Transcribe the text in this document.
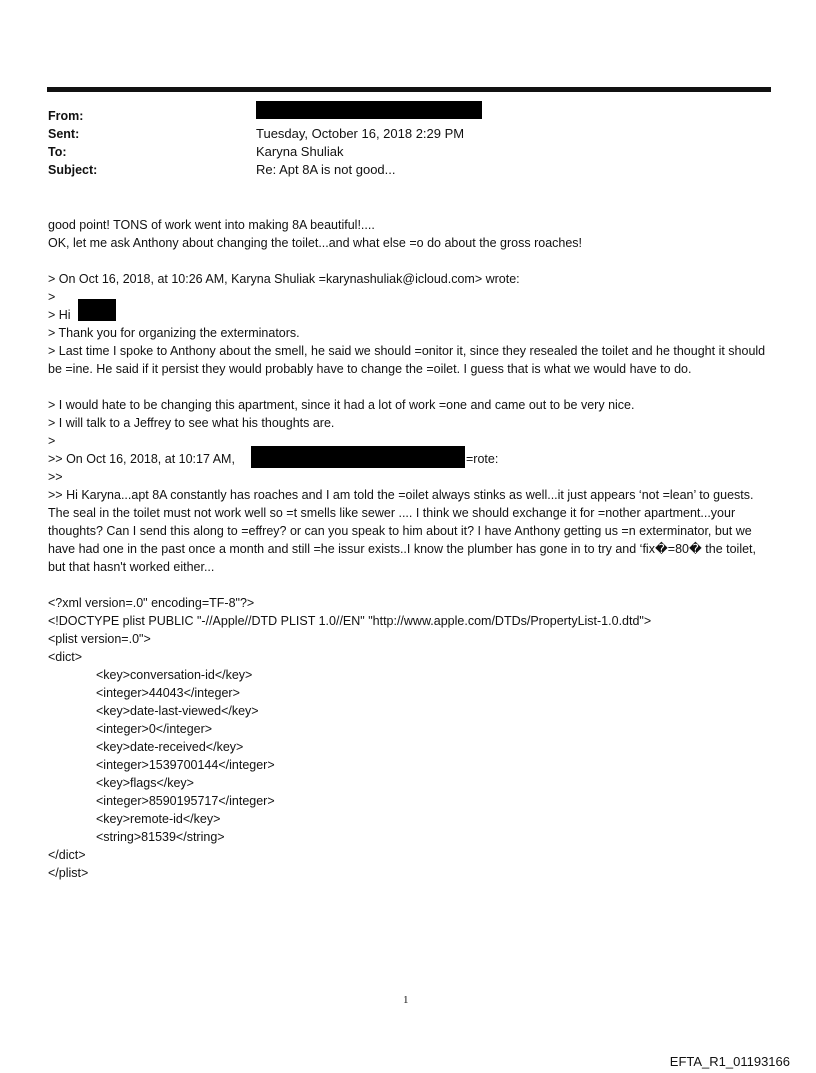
From:
Sent:	Tuesday, October 16, 2018 2:29 PM
To:	Karyna Shuliak
Subject:	Re: Apt 8A is not good...
good point! TONS of work went into making 8A beautiful!....
OK, let me ask Anthony about changing the toilet...and what else =o do about the gross roaches!
> On Oct 16, 2018, at 10:26 AM, Karyna Shuliak =karynashuliak@icloud.com> wrote:
>
> Hi
> Thank you for organizing the exterminators.
> Last time I spoke to Anthony about the smell, he said we should =onitor it, since they resealed the toilet and he thought it should be =ine. He said if it persist they would probably have to change the =oilet. I guess that is what we would have to do.
> I would hate to be changing this apartment, since it had a lot of work =one and came out to be very nice.
> I will talk to a Jeffrey to see what his thoughts are.
>
>> On Oct 16, 2018, at 10:17 AM,	=rote:
>>
>> Hi Karyna...apt 8A constantly has roaches and I am told the =oilet always stinks as well...it just appears ‘not =lean’ to guests. The seal in the toilet must not work well so =t smells like sewer .... I think we should exchange it for =nother apartment...your thoughts? Can I send this along to =effrey? or can you speak to him about it? I have Anthony getting us =n exterminator, but we have had one in the past once a month and still =he issur exists..I know the plumber has gone in to try and ‘fix�=80� the toilet, but that hasn't worked either...
<?xml version=.0" encoding=TF-8"?>
<!DOCTYPE plist PUBLIC "-//Apple//DTD PLIST 1.0//EN" "http://www.apple.com/DTDs/PropertyList-1.0.dtd">
<plist version=.0">
<dict>
<key>conversation-id</key>
<integer>44043</integer>
<key>date-last-viewed</key>
<integer>0</integer>
<key>date-received</key>
<integer>1539700144</integer>
<key>flags</key>
<integer>8590195717</integer>
<key>remote-id</key>
<string>81539</string>
</dict>
</plist>
1
EFTA_R1_01193166
